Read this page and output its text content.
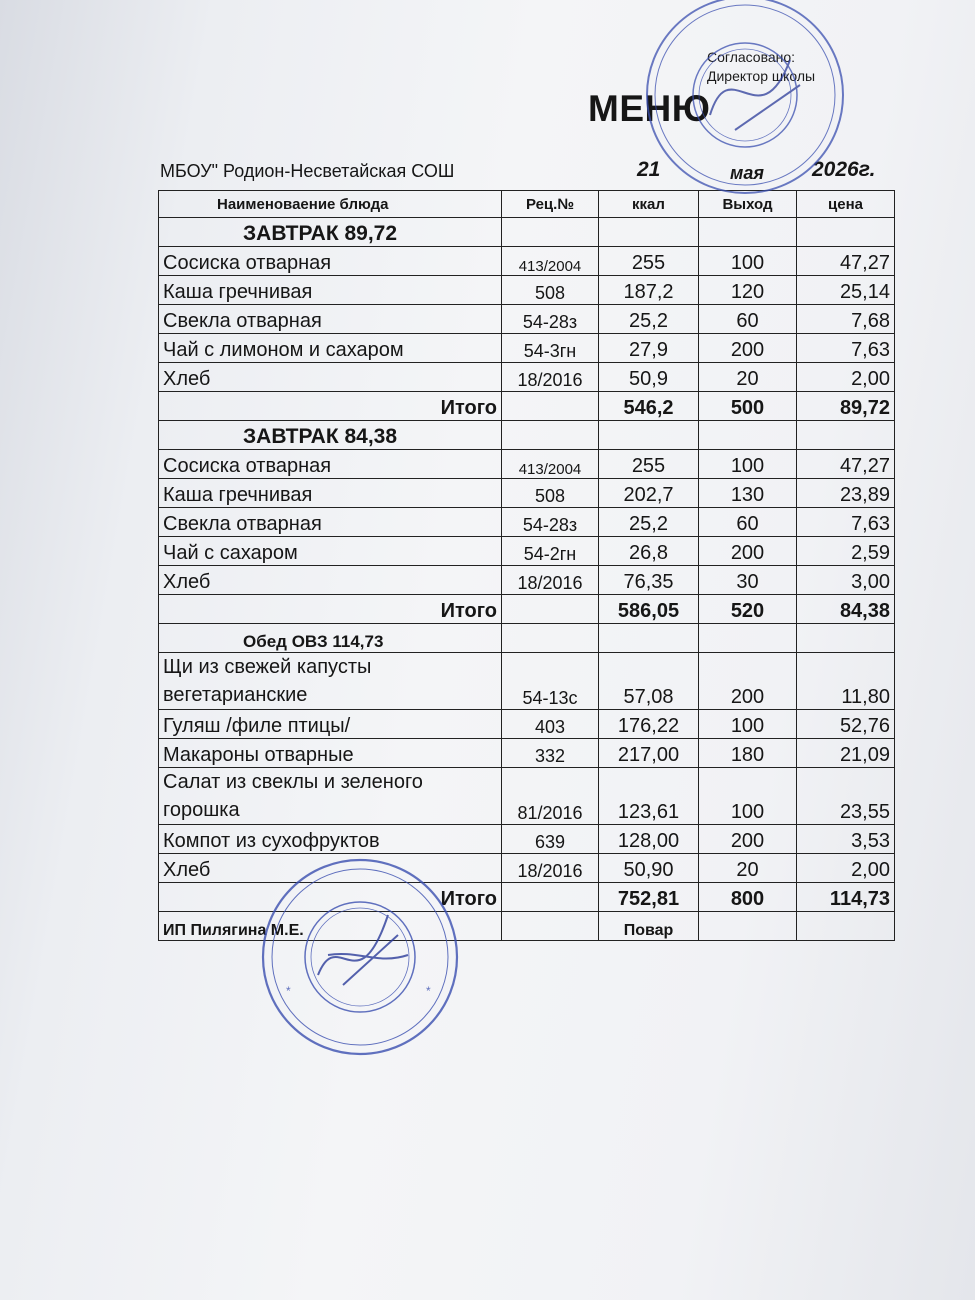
Согласовано:
Директор школы
МЕНЮ
МБОУ" Родион-Несветайская СОШ	21	мая 2026г.
Наименоваение блюда	Рец.№	ккал	Выход	цена
ЗАВТРАК 89,72				
Сосиска отварная	413/2004	255	100	47,27
Каша гречнивая	508	187,2	120	25,14
Свекла отварная	54-28з	25,2	60	7,68
Чай с лимоном и сахаром	54-3гн	27,9	200	7,63
Хлеб	18/2016	50,9	20	2,00
Итого		546,2	500	89,72
ЗАВТРАК 84,38				
Сосиска отварная	413/2004	255	100	47,27
Каша гречнивая	508	202,7	130	23,89
Свекла отварная	54-28з	25,2	60	7,63
Чай с сахаром	54-2гн	26,8	200	2,59
Хлеб	18/2016	76,35	30	3,00
Итого		586,05	520	84,38
Обед ОВЗ 114,73				
Щи из свежей капусты вегетарианские	54-13с	57,08	200	11,80
Гуляш /филе птицы/	403	176,22	100	52,76
Макароны отварные	332	217,00	180	21,09
Салат из свеклы и зеленого горошка	81/2016	123,61	100	23,55
Компот из сухофруктов	639	128,00	200	3,53
Хлеб	18/2016	50,90	20	2,00
Итого		752,81	800	114,73
ИП Пилягина М.Е.		Повар		
*	*
